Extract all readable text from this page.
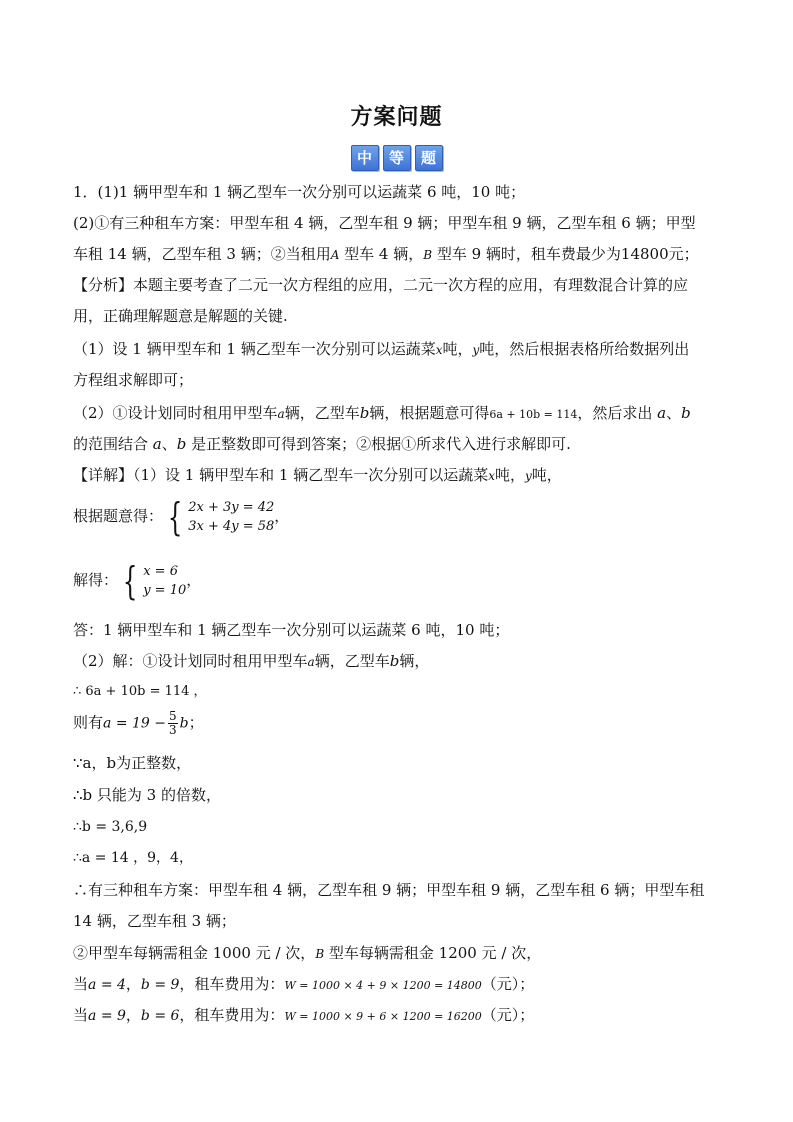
方案问题
中	等	题
1．(1)1 辆甲型车和 1 辆乙型车一次分别可以运蔬菜 6 吨，10 吨；
(2)①有三种租车方案：甲型车租 4 辆，乙型车租 9 辆；甲型车租 9 辆，乙型车租 6 辆；甲型
车租 14 辆，乙型车租 3 辆；②当租用A 型车 4 辆，B 型车 9 辆时，租车费最少为14800元；
【分析】本题主要考查了二元一次方程组的应用，二元一次方程的应用，有理数混合计算的应
用，正确理解题意是解题的关键.
（1）设 1 辆甲型车和 1 辆乙型车一次分别可以运蔬菜x吨，y吨，然后根据表格所给数据列出
方程组求解即可；
（2）①设计划同时租用甲型车a辆，乙型车b辆，根据题意可得6a + 10b = 114，然后求出 a、b
的范围结合 a、b 是正整数即可得到答案；②根据①所求代入进行求解即可.
【详解】（1）设 1 辆甲型车和 1 辆乙型车一次分别可以运蔬菜x吨，y吨，
根据题意得： { 2x + 3y = 42
3x + 4y = 58
，
解得： { x = 6
y = 10
，
答：1 辆甲型车和 1 辆乙型车一次分别可以运蔬菜 6 吨，10 吨；
（2）解：①设计划同时租用甲型车a辆，乙型车b辆，
∴ 6a + 10b = 114 ，
则有$a = 19 - \frac{5}{3}$ b；
∵a，b为正整数，
∴b 只能为 3 的倍数，
∴b = 3,6,9
∴a = 14 ，9，4，
∴有三种租车方案：甲型车租 4 辆，乙型车租 9 辆；甲型车租 9 辆，乙型车租 6 辆；甲型车租
14 辆，乙型车租 3 辆；
②甲型车每辆需租金 1000 元 / 次，B 型车每辆需租金 1200 元 / 次，
当a = 4，b = 9，租车费用为：W = 1000 × 4 + 9 × 1200 = 14800（元）；
当a = 9，b = 6，租车费用为：W = 1000 × 9 + 6 × 1200 = 16200（元）；
